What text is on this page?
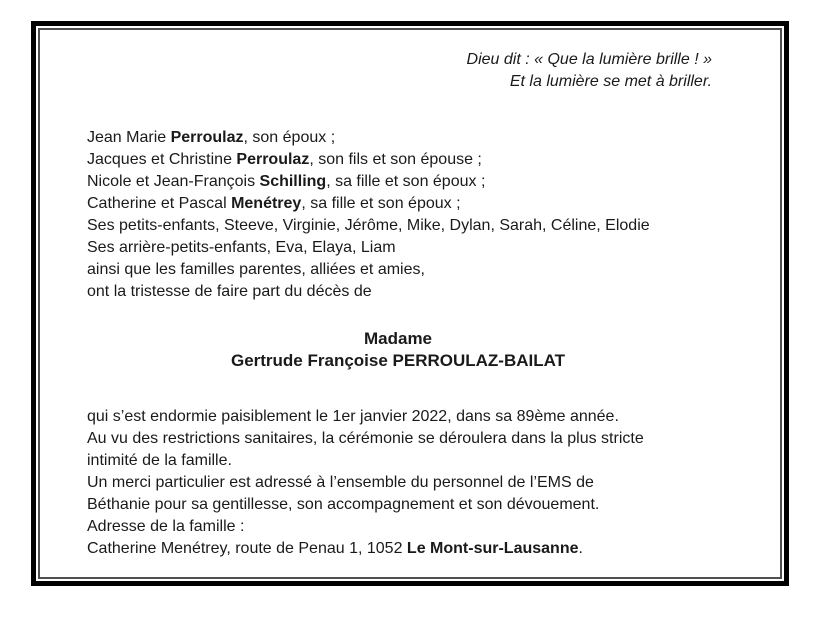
Dieu dit : « Que la lumière brille ! »
Et la lumière se met à briller.
Jean Marie Perroulaz, son époux ;
Jacques et Christine Perroulaz, son fils et son épouse ;
Nicole et Jean-François Schilling, sa fille et son époux ;
Catherine et Pascal Menétrey, sa fille et son époux ;
Ses petits-enfants, Steeve, Virginie, Jérôme, Mike, Dylan, Sarah, Céline, Elodie
Ses arrière-petits-enfants, Eva, Elaya, Liam
ainsi que les familles parentes, alliées et amies,
ont la tristesse de faire part du décès de
Madame
Gertrude Françoise PERROULAZ-BAILAT
qui s’est endormie paisiblement le 1er janvier 2022, dans sa 89ème année.
Au vu des restrictions sanitaires, la cérémonie se déroulera dans la plus stricte
intimité de la famille.
Un merci particulier est adressé à l’ensemble du personnel de l’EMS de
Béthanie pour sa gentillesse, son accompagnement et son dévouement.
Adresse de la famille :
Catherine Menétrey, route de Penau 1, 1052 Le Mont-sur-Lausanne.
